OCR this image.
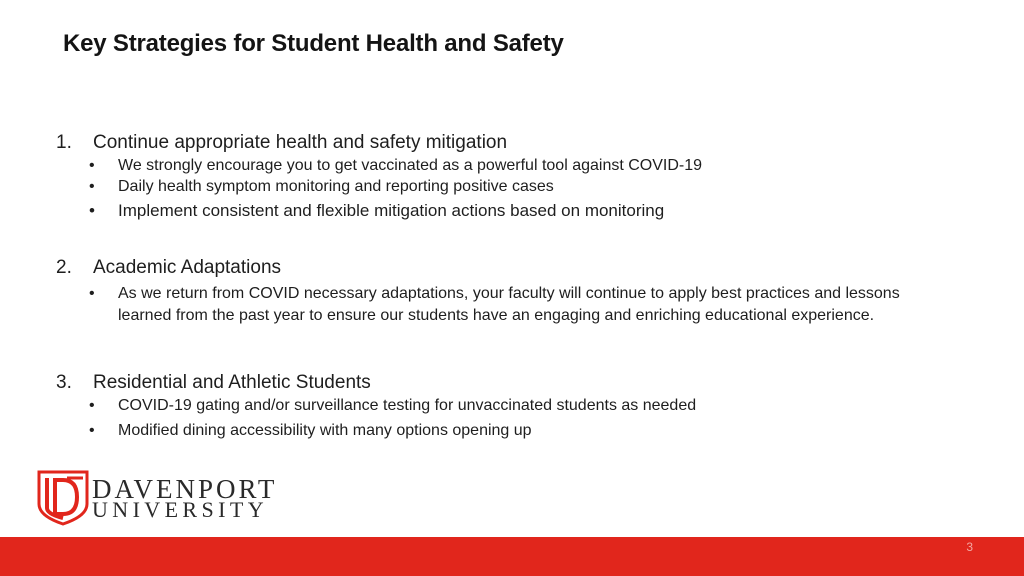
Key Strategies for Student Health and Safety
1. Continue appropriate health and safety mitigation
• We strongly encourage you to get vaccinated as a powerful tool against COVID-19
• Daily health symptom monitoring and reporting positive cases
• Implement consistent and flexible mitigation actions based on monitoring
2. Academic Adaptations
• As we return from COVID necessary adaptations, your faculty will continue to apply best practices and lessons learned from the past year to ensure our students have an engaging and enriching educational experience.
3. Residential and Athletic Students
• COVID-19 gating and/or surveillance testing for unvaccinated students as needed
• Modified dining accessibility with many options opening up
DAVENPORT
UNIVERSITY
3
